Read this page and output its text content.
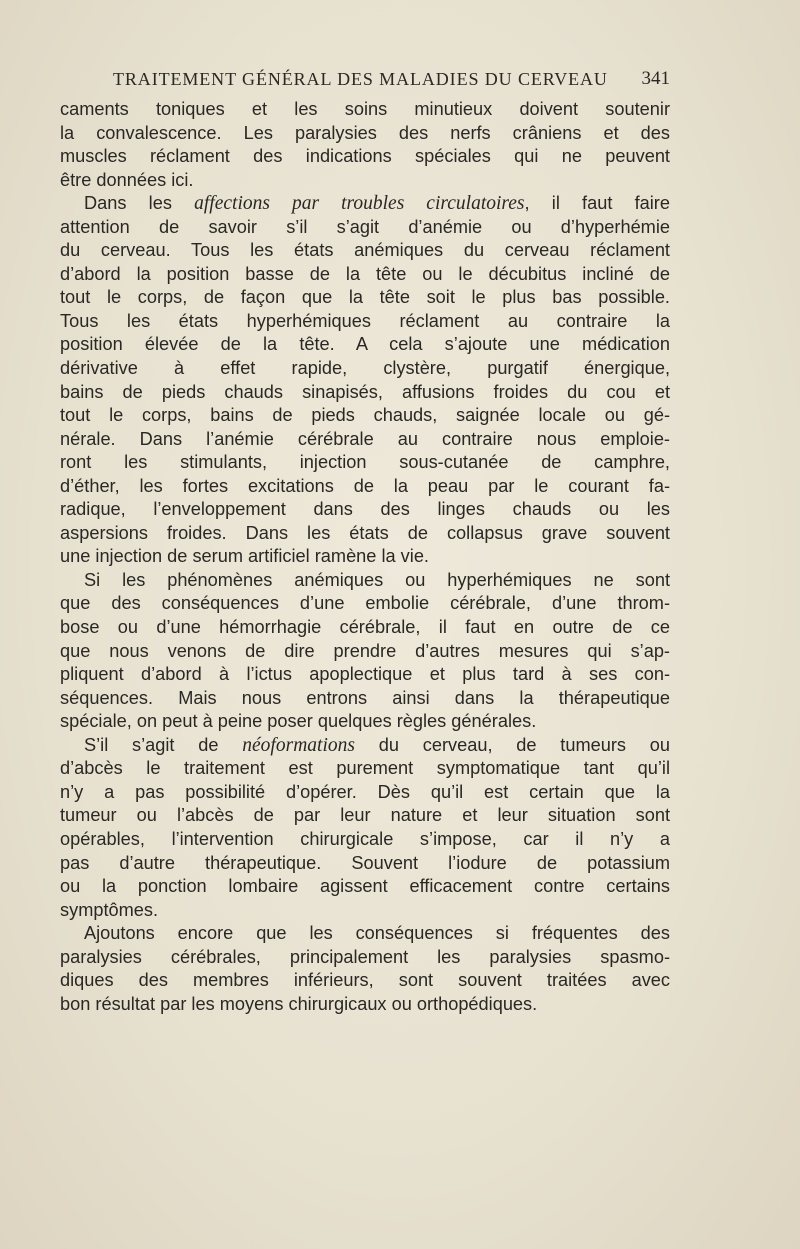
TRAITEMENT GÉNÉRAL DES MALADIES DU CERVEAU 341
caments toniques et les soins minutieux doivent soutenir
la convalescence. Les paralysies des nerfs crâniens et des
muscles réclament des indications spéciales qui ne peuvent
être données ici.
Dans les affections par troubles circulatoires, il faut faire
attention de savoir s’il s’agit d’anémie ou d’hyperhémie
du cerveau. Tous les états anémiques du cerveau réclament
d’abord la position basse de la tête ou le décubitus incliné de
tout le corps, de façon que la tête soit le plus bas possible.
Tous les états hyperhémiques réclament au contraire la
position élevée de la tête. A cela s’ajoute une médication
dérivative à effet rapide, clystère, purgatif énergique,
bains de pieds chauds sinapisés, affusions froides du cou et
tout le corps, bains de pieds chauds, saignée locale ou gé-
nérale. Dans l’anémie cérébrale au contraire nous emploie-
ront les stimulants, injection sous-cutanée de camphre,
d’éther, les fortes excitations de la peau par le courant fa-
radique, l’enveloppement dans des linges chauds ou les
aspersions froides. Dans les états de collapsus grave souvent
une injection de serum artificiel ramène la vie.
Si les phénomènes anémiques ou hyperhémiques ne sont
que des conséquences d’une embolie cérébrale, d’une throm-
bose ou d’une hémorrhagie cérébrale, il faut en outre de ce
que nous venons de dire prendre d’autres mesures qui s’ap-
pliquent d’abord à l’ictus apoplectique et plus tard à ses con-
séquences. Mais nous entrons ainsi dans la thérapeutique
spéciale, on peut à peine poser quelques règles générales.
S’il s’agit de néoformations du cerveau, de tumeurs ou
d’abcès le traitement est purement symptomatique tant qu’il
n’y a pas possibilité d’opérer. Dès qu’il est certain que la
tumeur ou l’abcès de par leur nature et leur situation sont
opérables, l’intervention chirurgicale s’impose, car il n’y a
pas d’autre thérapeutique. Souvent l’iodure de potassium
ou la ponction lombaire agissent efficacement contre certains
symptômes.
Ajoutons encore que les conséquences si fréquentes des
paralysies cérébrales, principalement les paralysies spasmo-
diques des membres inférieurs, sont souvent traitées avec
bon résultat par les moyens chirurgicaux ou orthopédiques.
